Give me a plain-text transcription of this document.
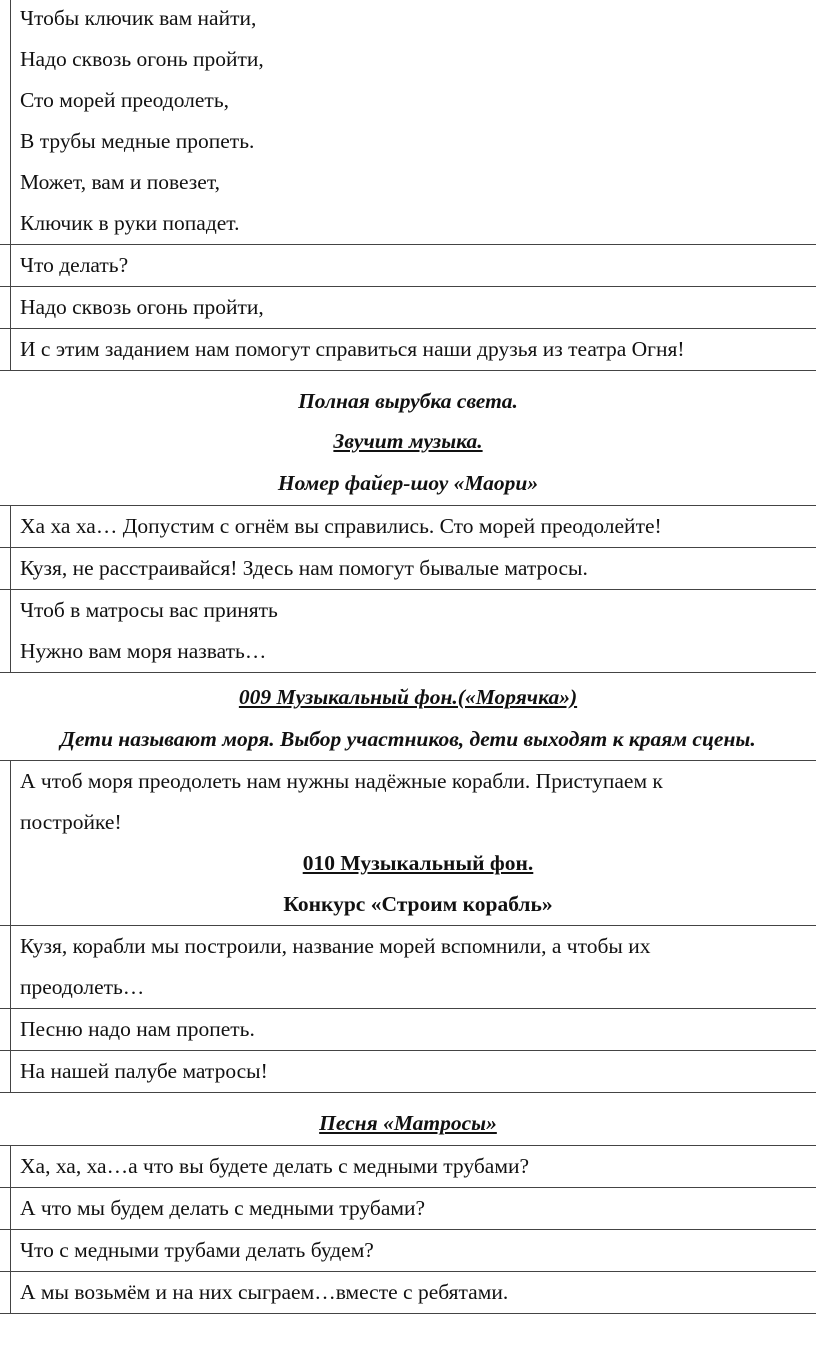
Чтобы ключик вам найти,
Надо сквозь огонь пройти,
Сто морей преодолеть,
В трубы медные пропеть.
Может, вам и повезет,
Ключик в руки попадет.
Что делать?
Надо сквозь огонь пройти,
И с этим заданием нам помогут справиться наши друзья из театра Огня!
Полная вырубка света.
Звучит музыка.
Номер файер-шоу «Маори»
Ха ха ха… Допустим с огнём вы справились. Сто морей преодолейте!
Кузя, не расстраивайся! Здесь нам помогут бывалые матросы.
Чтоб в матросы вас принять
Нужно вам моря назвать…
009 Музыкальный фон.(«Морячка»)
Дети называют моря. Выбор участников, дети выходят к краям сцены.
А чтоб моря преодолеть нам нужны надёжные корабли. Приступаем к
постройке!
010 Музыкальный фон.
Конкурс «Строим корабль»
Кузя, корабли мы построили, название морей вспомнили, а чтобы их
преодолеть…
Песню надо нам пропеть.
На нашей палубе матросы!
Песня «Матросы»
Ха, ха, ха…а что вы будете делать с медными трубами?
А что мы будем делать с медными трубами?
Что с медными трубами делать будем?
А мы возьмём и на них сыграем…вместе с ребятами.
